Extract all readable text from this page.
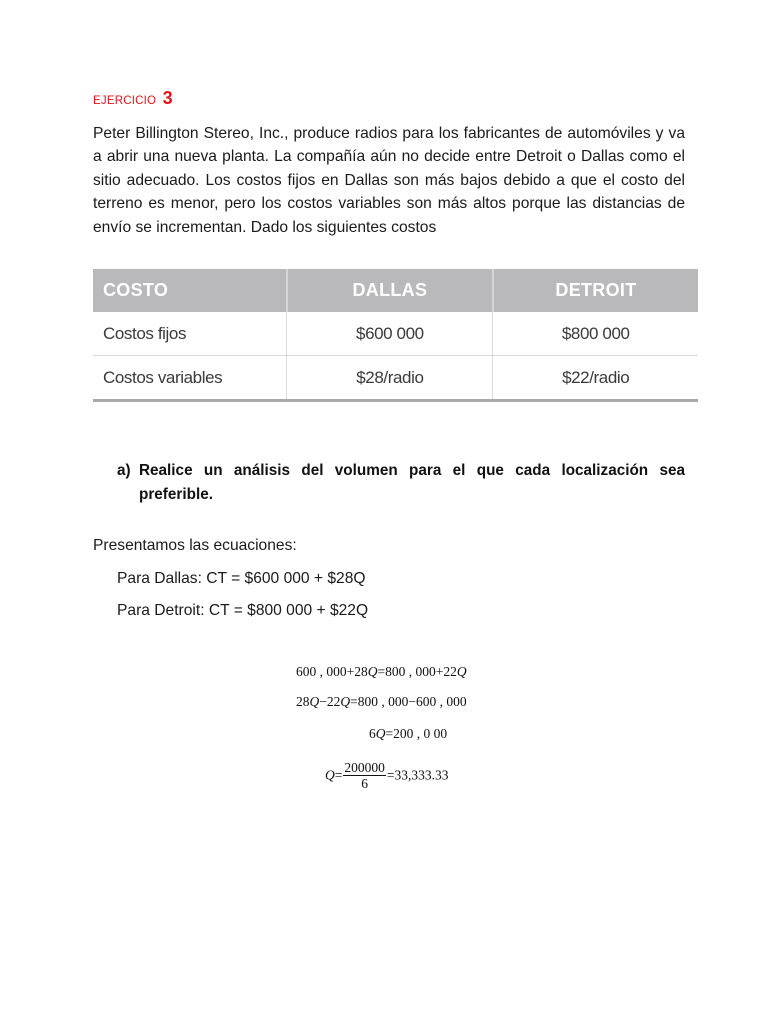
EJERCICIO 3

Peter Billington Stereo, Inc., produce radios para los fabricantes de automóviles y va a abrir una nueva planta. La compañía aún no decide entre Detroit o Dallas como el sitio adecuado. Los costos fijos en Dallas son más bajos debido a que el costo del terreno es menor, pero los costos variables son más altos porque las distancias de envío se incrementan. Dado los siguientes costos

COSTO	DALLAS	DETROIT
Costos fijos	$600 000	$800 000
Costos variables	$28/radio	$22/radio
a) Realice un análisis del volumen para el que cada localización sea preferible.
Presentamos las ecuaciones:
Para Dallas: CT = $600 000 + $28Q
Para Detroit: CT = $800 000 + $22Q
600 , 000+28Q=800 , 000+22Q
28Q−22Q=800 , 000−600 , 000
6Q=200 , 0 00
$Q= \frac{200000}{6} =33,333.33$
